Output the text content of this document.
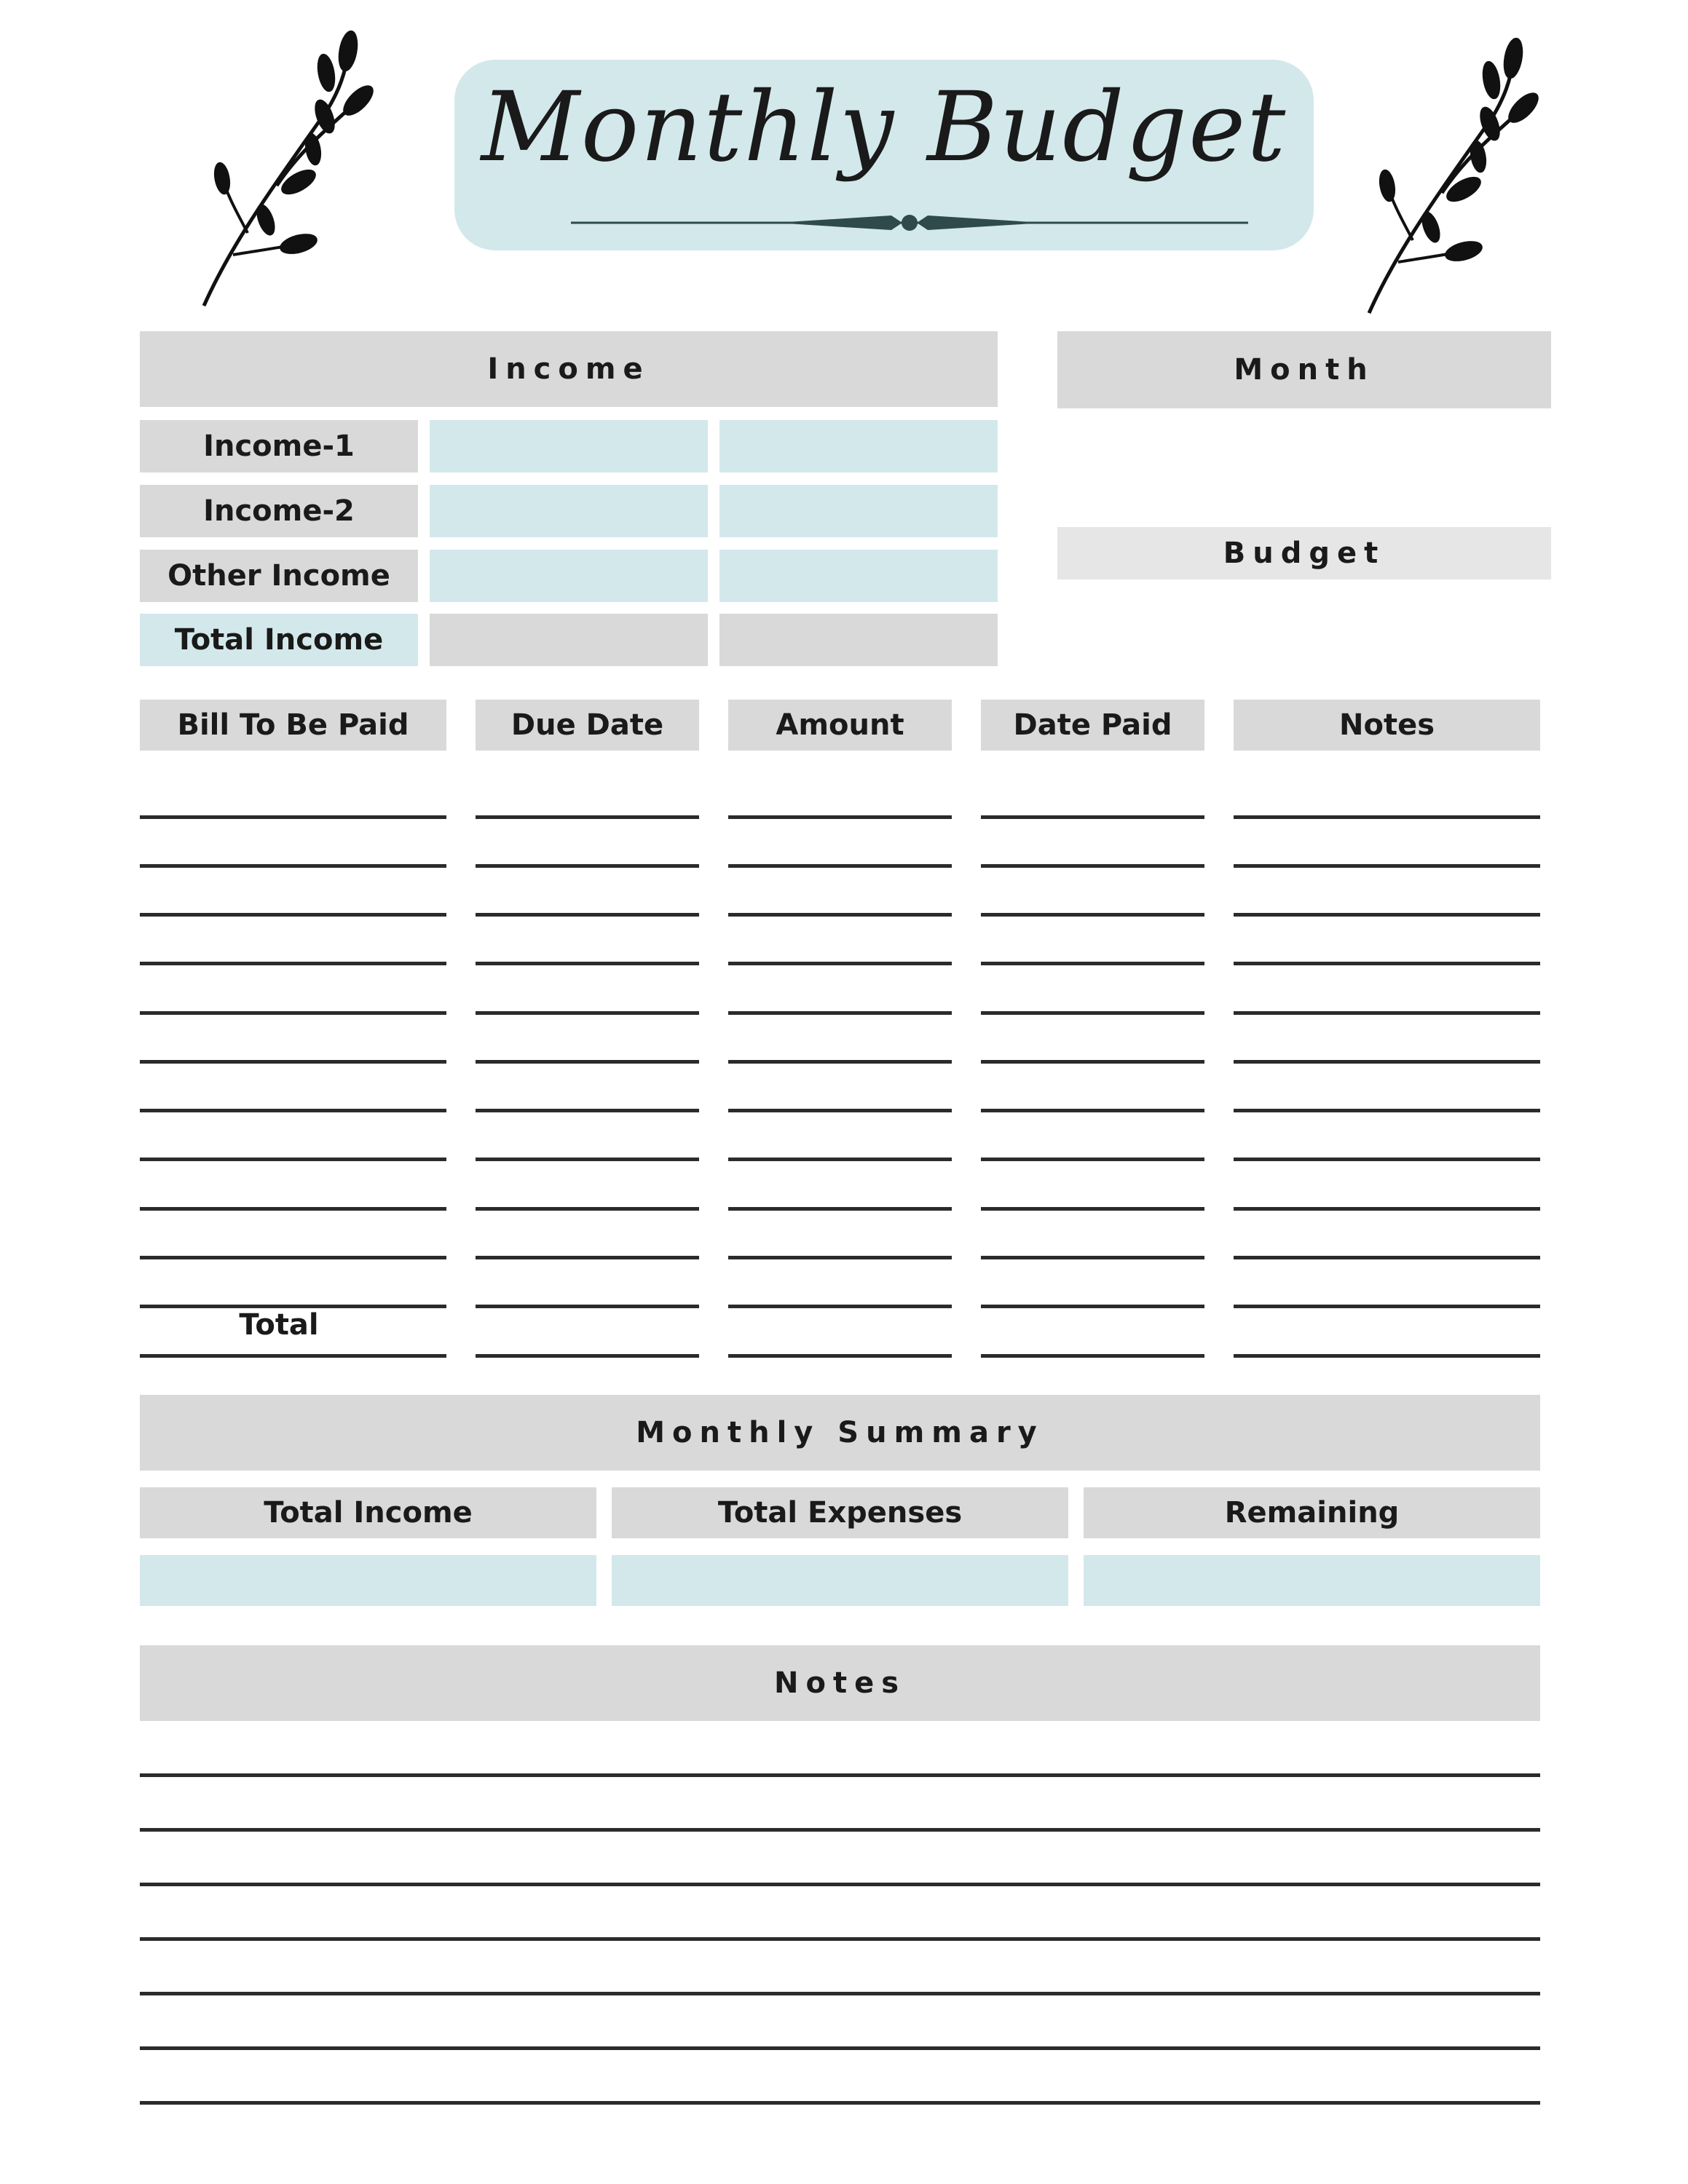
Monthly Budget
Income
Income-1
Income-2
Other Income
Total Income
Month
Budget
Bill To Be Paid	Due Date	Amount	Date Paid	Notes
Total
Monthly Summary
Total Income	Total Expenses	Remaining
Notes
